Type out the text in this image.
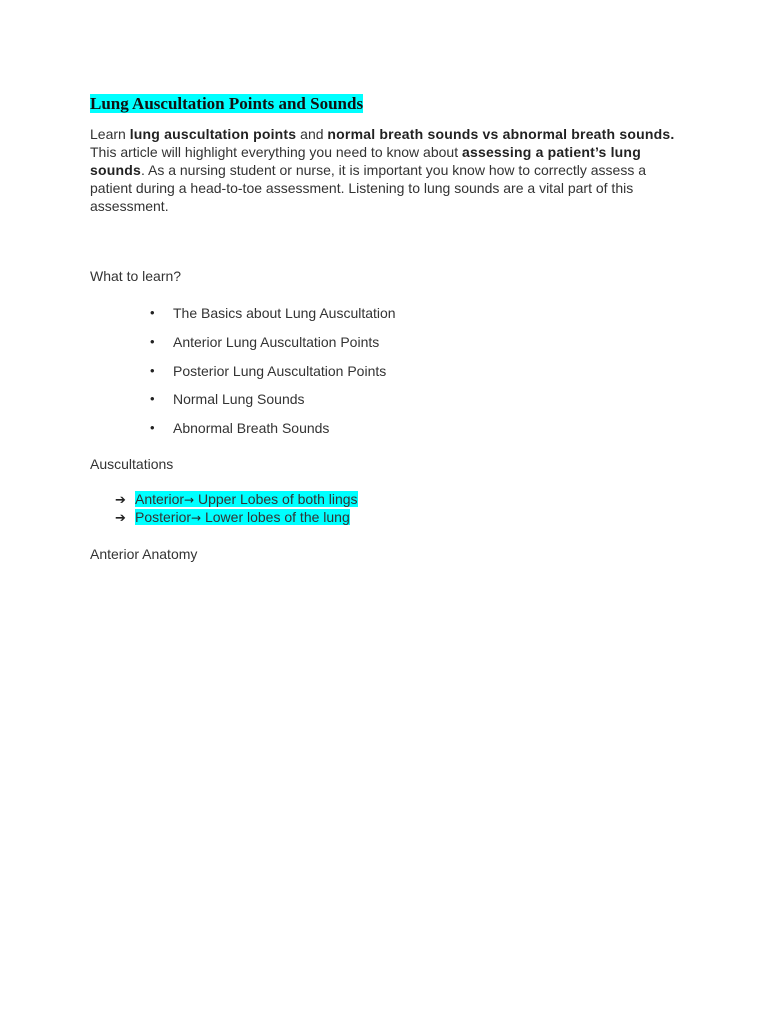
Lung Auscultation Points and Sounds

Learn lung auscultation points and normal breath sounds vs abnormal breath sounds. This article will highlight everything you need to know about assessing a patient’s lung sounds. As a nursing student or nurse, it is important you know how to correctly assess a patient during a head-to-toe assessment. Listening to lung sounds are a vital part of this assessment.

What to learn?

• The Basics about Lung Auscultation
• Anterior Lung Auscultation Points
• Posterior Lung Auscultation Points
• Normal Lung Sounds
• Abnormal Breath Sounds

Auscultations

➔ Anterior→ Upper Lobes of both lings
➔ Posterior→ Lower lobes of the lung

Anterior Anatomy
